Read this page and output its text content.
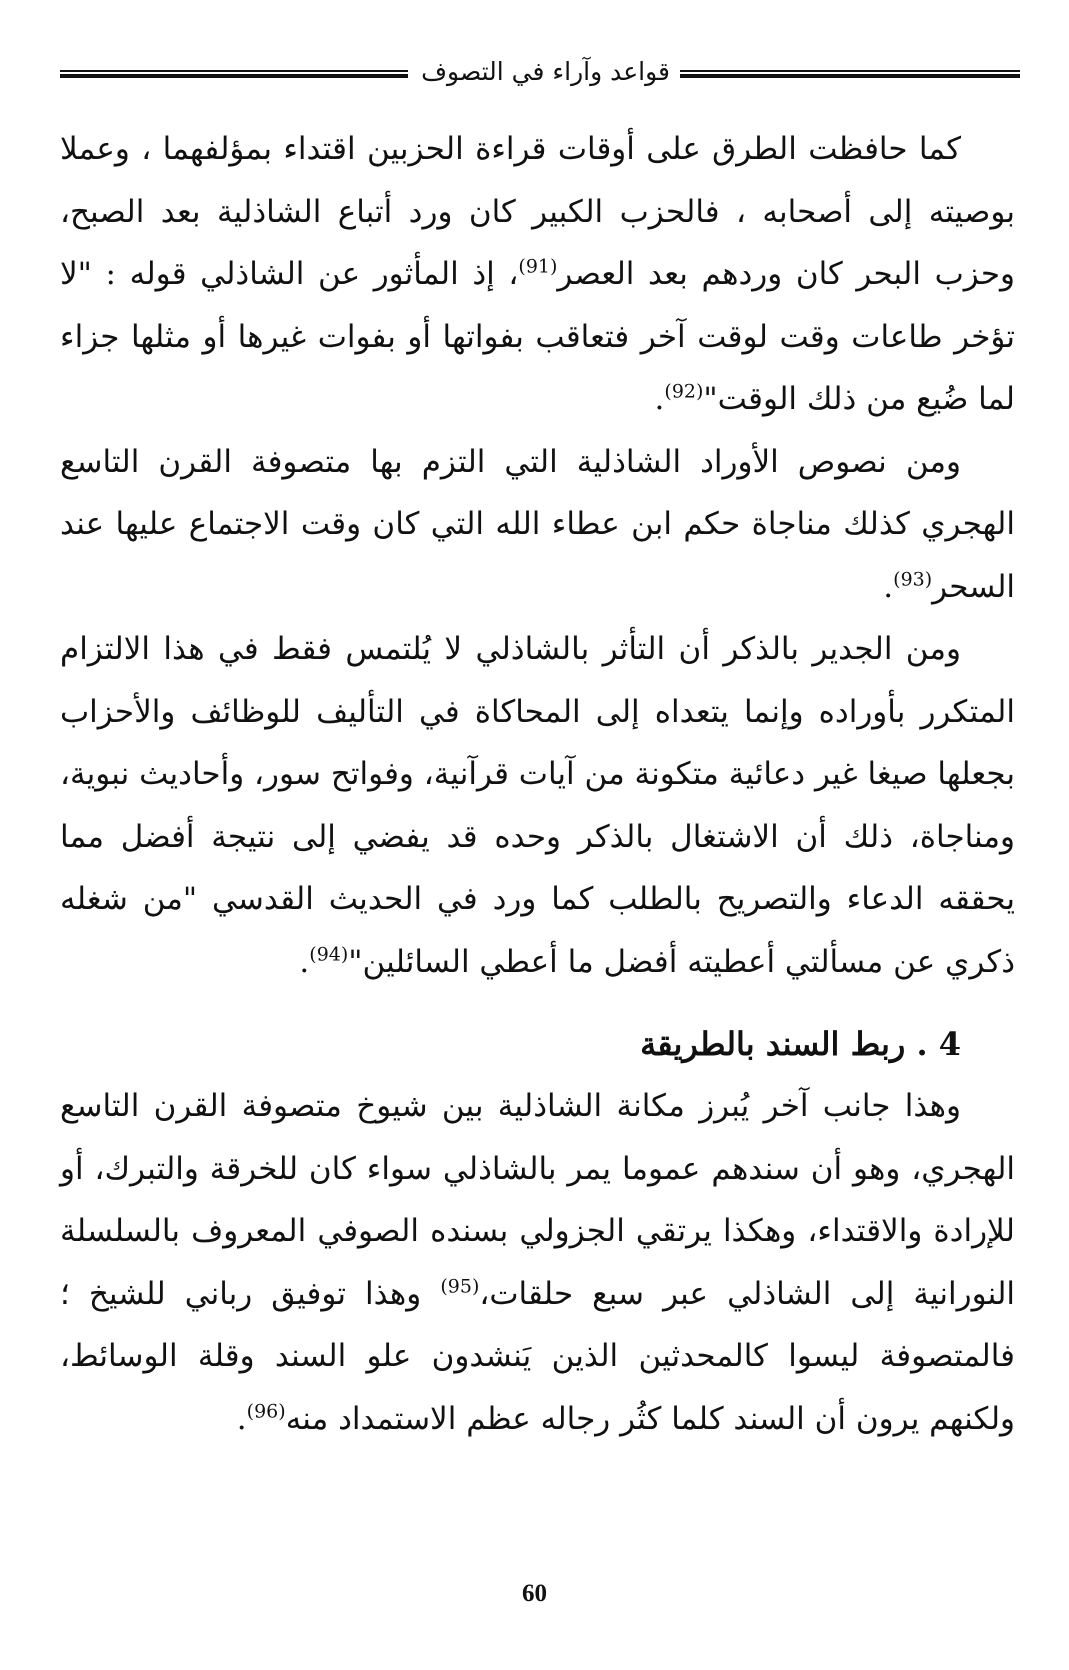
قواعد وآراء في التصوف

كما حافظت الطرق على أوقات قراءة الحزبين اقتداء بمؤلفهما ، وعملا بوصيته إلى أصحابه ، فالحزب الكبير كان ورد أتباع الشاذلية بعد الصبح، وحزب البحر كان وردهم بعد العصر$^{(91)}$، إذ المأثور عن الشاذلي قوله : "لا تؤخر طاعات وقت لوقت آخر فتعاقب بفواتها أو بفوات غيرها أو مثلها جزاء لما ضُيع من ذلك الوقت"$^{(92)}$.

ومن نصوص الأوراد الشاذلية التي التزم بها متصوفة القرن التاسع الهجري كذلك مناجاة حكم ابن عطاء الله التي كان وقت الاجتماع عليها عند السحر$^{(93)}$.

ومن الجدير بالذكر أن التأثر بالشاذلي لا يُلتمس فقط في هذا الالتزام المتكرر بأوراده وإنما يتعداه إلى المحاكاة في التأليف للوظائف والأحزاب بجعلها صيغا غير دعائية متكونة من آيات قرآنية، وفواتح سور، وأحاديث نبوية، ومناجاة، ذلك أن الاشتغال بالذكر وحده قد يفضي إلى نتيجة أفضل مما يحققه الدعاء والتصريح بالطلب كما ورد في الحديث القدسي "من شغله ذكري عن مسألتي أعطيته أفضل ما أعطي السائلين"$^{(94)}$.

4 . ربط السند بالطريقة

وهذا جانب آخر يُبرز مكانة الشاذلية بين شيوخ متصوفة القرن التاسع الهجري، وهو أن سندهم عموما يمر بالشاذلي سواء كان للخرقة والتبرك، أو للإرادة والاقتداء، وهكذا يرتقي الجزولي بسنده الصوفي المعروف بالسلسلة النورانية إلى الشاذلي عبر سبع حلقات،$^{(95)}$ وهذا توفيق رباني للشيخ ؛ فالمتصوفة ليسوا كالمحدثين الذين يَنشدون علو السند وقلة الوسائط، ولكنهم يرون أن السند كلما كثُر رجاله عظم الاستمداد منه$^{(96)}$.

60
